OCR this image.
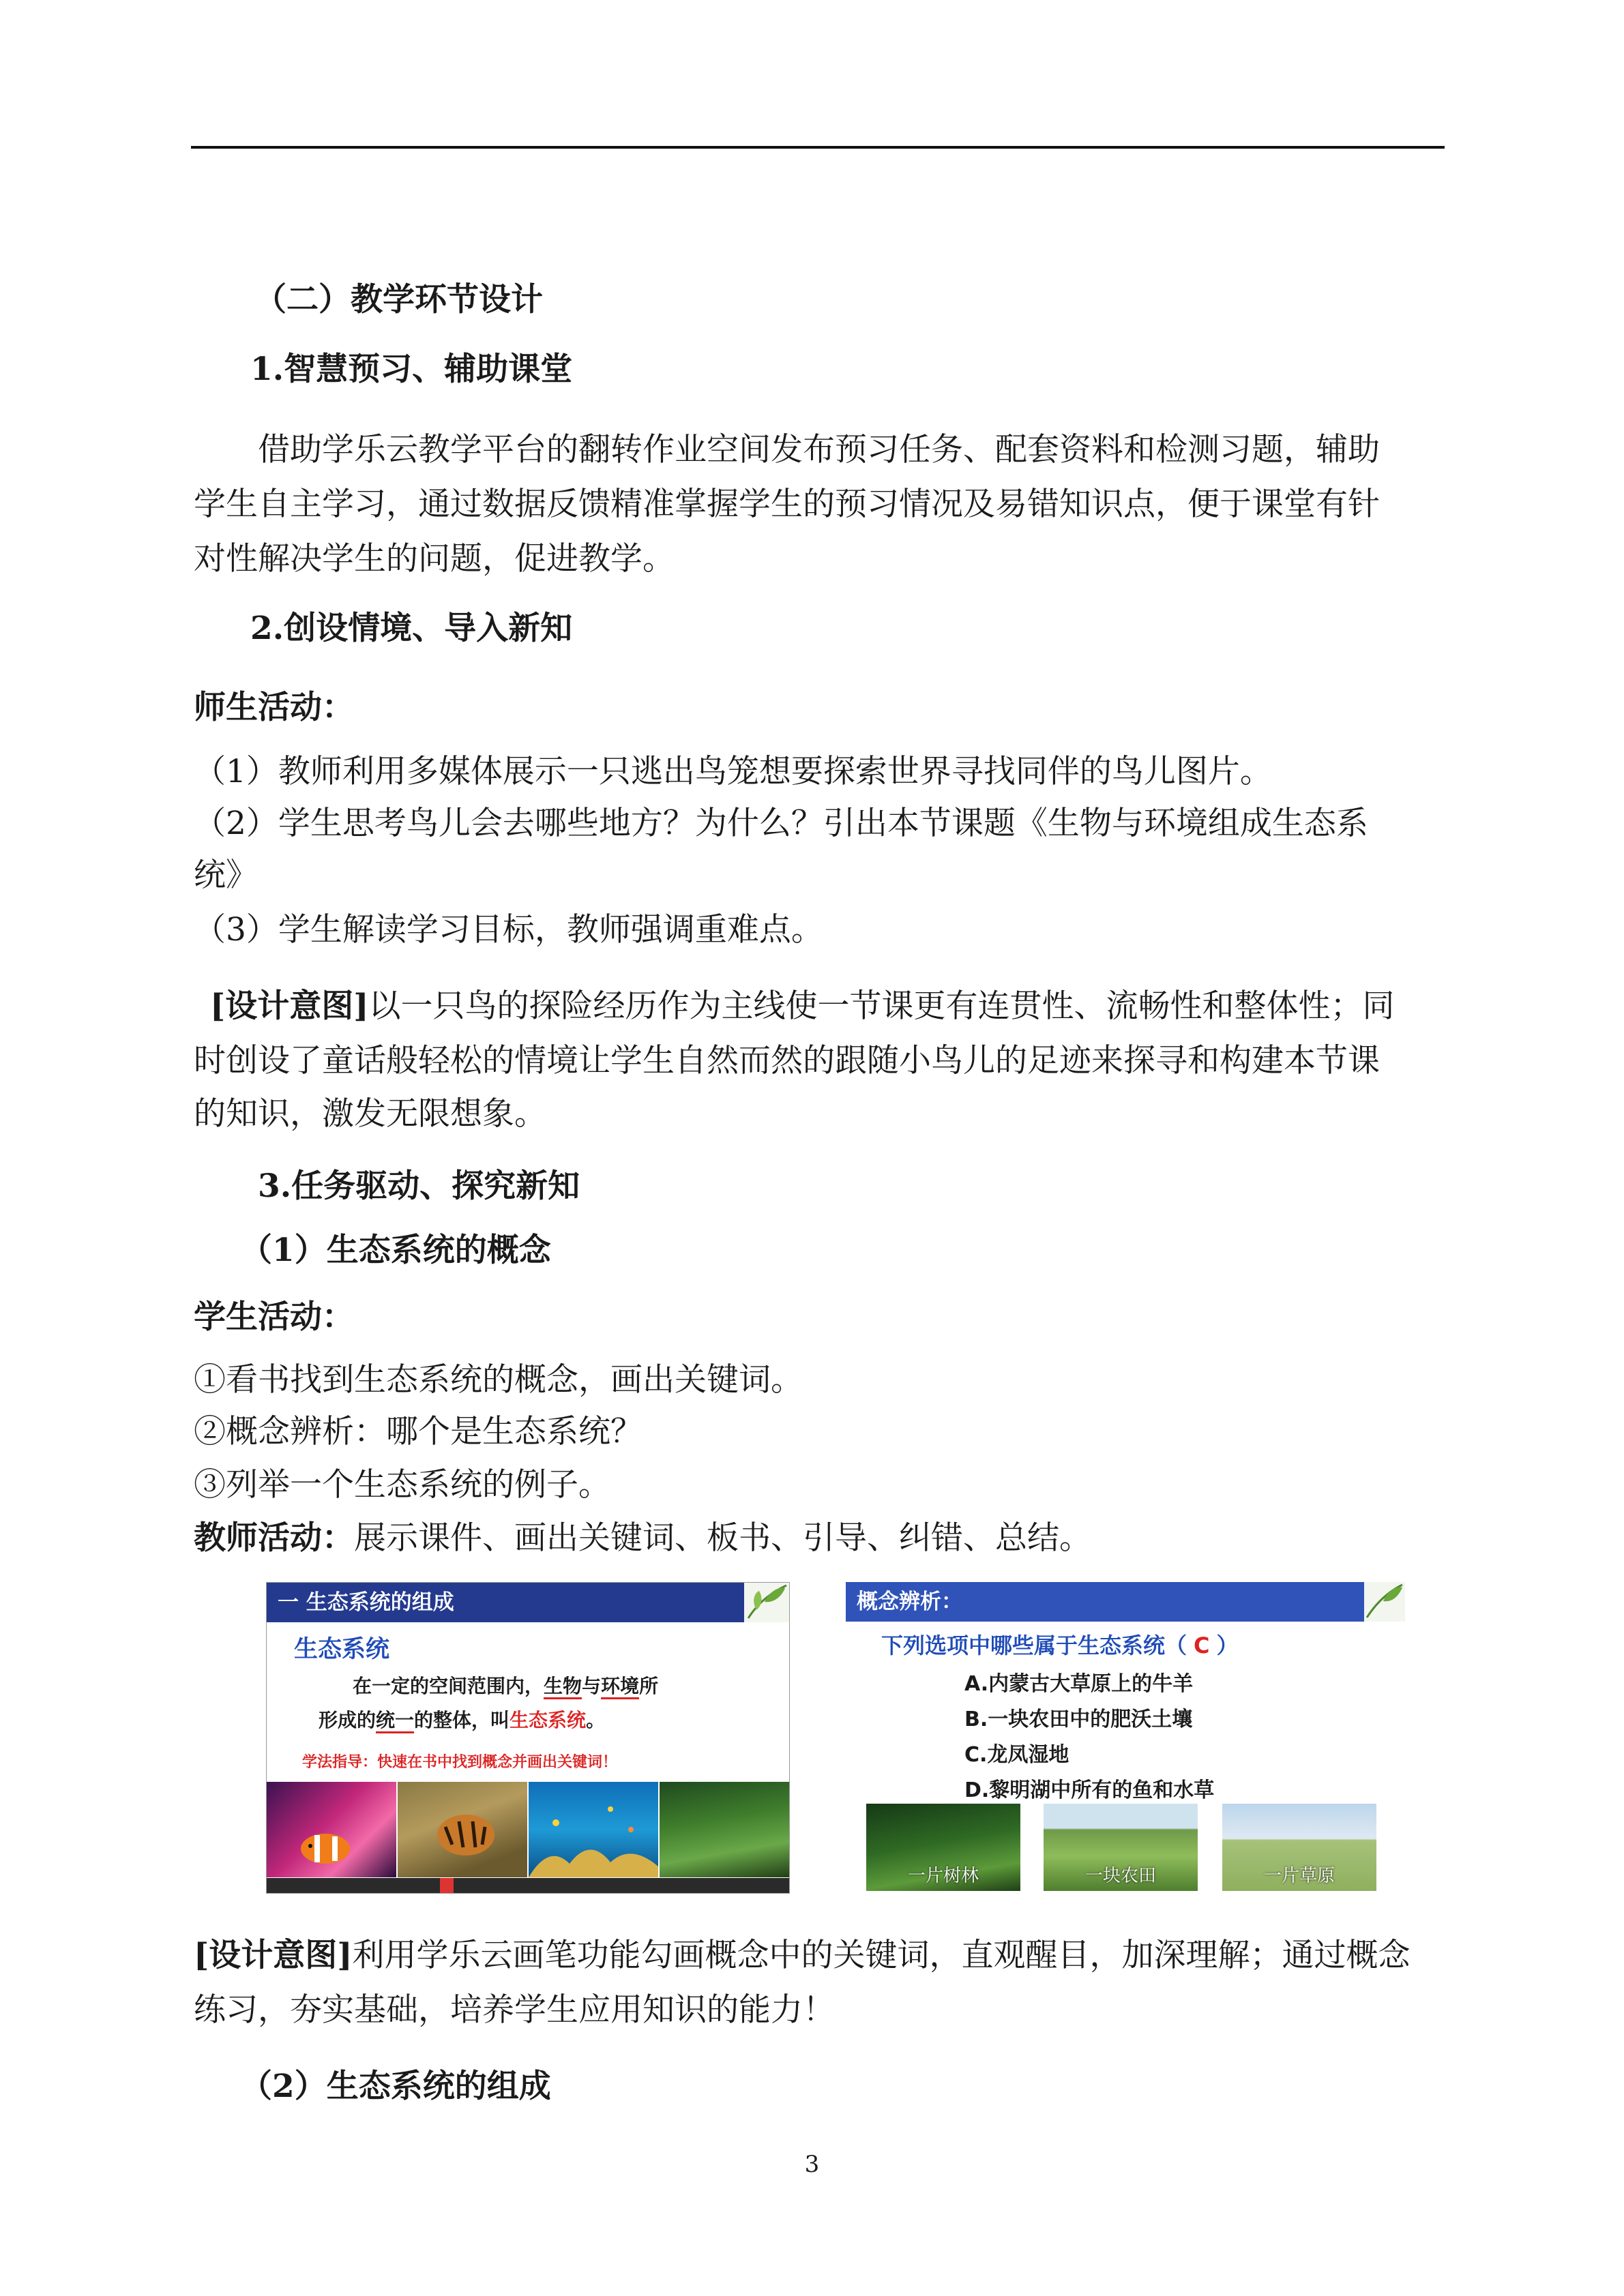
（二）教学环节设计
1.智慧预习、辅助课堂
借助学乐云教学平台的翻转作业空间发布预习任务、配套资料和检测习题，辅助
学生自主学习，通过数据反馈精准掌握学生的预习情况及易错知识点，便于课堂有针
对性解决学生的问题，促进教学。
2.创设情境、导入新知
师生活动：
（1）教师利用多媒体展示一只逃出鸟笼想要探索世界寻找同伴的鸟儿图片。
（2）学生思考鸟儿会去哪些地方？为什么？引出本节课题《生物与环境组成生态系
统》
（3）学生解读学习目标，教师强调重难点。
[设计意图]以一只鸟的探险经历作为主线使一节课更有连贯性、流畅性和整体性；同
时创设了童话般轻松的情境让学生自然而然的跟随小鸟儿的足迹来探寻和构建本节课
的知识，激发无限想象。
3.任务驱动、探究新知
（1）生态系统的概念
学生活动：
①看书找到生态系统的概念，画出关键词。
②概念辨析：哪个是生态系统？
③列举一个生态系统的例子。
教师活动：展示课件、画出关键词、板书、引导、纠错、总结。
一 生态系统的组成
生态系统
在一定的空间范围内，生物与环境所
形成的统一的整体，叫生态系统。
学法指导：快速在书中找到概念并画出关键词！
概念辨析：
下列选项中哪些属于生态系统（ C ）
A.内蒙古大草原上的牛羊
B.一块农田中的肥沃土壤
C.龙凤湿地
D.黎明湖中所有的鱼和水草
一片树林	一块农田	一片草原
[设计意图]利用学乐云画笔功能勾画概念中的关键词，直观醒目，加深理解；通过概念
练习，夯实基础，培养学生应用知识的能力！
（2）生态系统的组成
3
